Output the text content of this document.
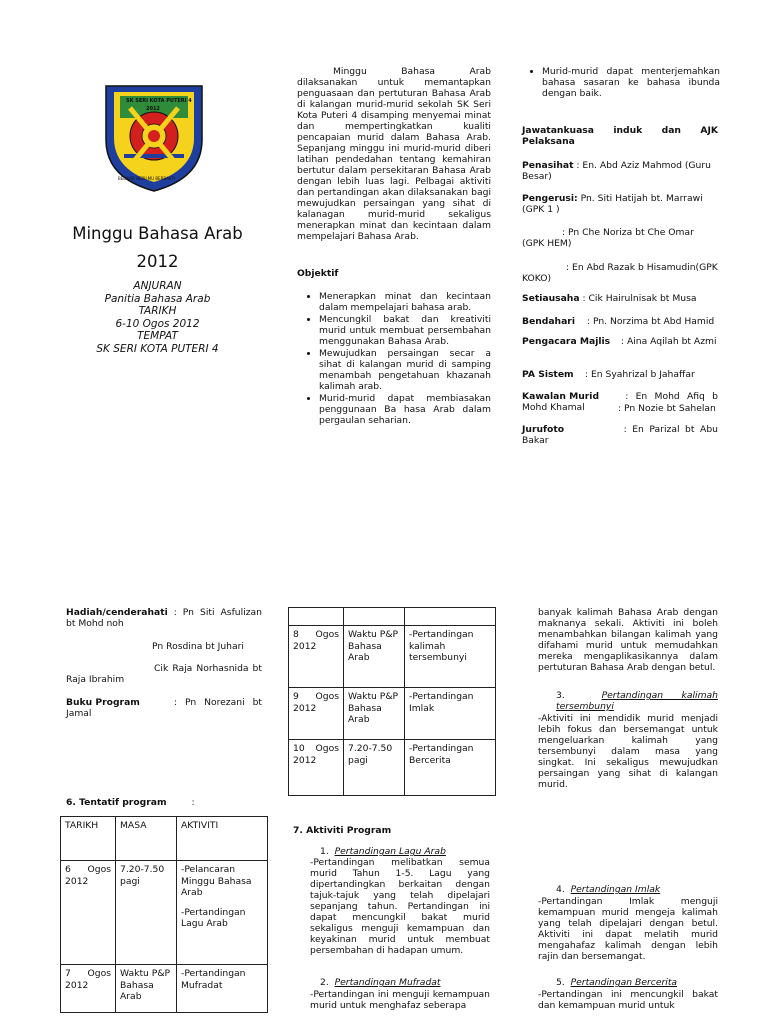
SK SERI KOTA PUTERI 4
2012
BELAJAR BERILMU BERBAKTI
Minggu Bahasa Arab
2012
ANJURAN
Panitia Bahasa Arab
TARIKH
6-10 Ogos 2012
TEMPAT
SK SERI KOTA PUTERI 4
Minggu Bahasa Arab dilaksanakan untuk memantapkan penguasaan dan pertuturan Bahasa Arab di kalangan murid-murid sekolah SK Seri Kota Puteri 4 disamping menyemai minat dan mempertingkatkan kualiti pencapaian murid dalam Bahasa Arab. Sepanjang minggu ini murid-murid diberi latihan pendedahan tentang kemahiran bertutur dalam persekitaran Bahasa Arab dengan lebih luas lagi. Pelbagai aktiviti dan pertandingan akan dilaksanakan bagi mewujudkan persaingan yang sihat di kalanagan murid-murid sekaligus menerapkan minat dan kecintaan dalam mempelajari Bahasa Arab.
Objektif
• Menerapkan minat dan kecintaan dalam mempelajari bahasa arab.
• Mencungkil bakat dan kreativiti murid untuk membuat persembahan menggunakan Bahasa Arab.
• Mewujudkan persaingan secar a sihat di kalangan murid di samping menambah pengetahuan khazanah kalimah arab.
• Murid-murid dapat membiasakan penggunaan Ba hasa Arab dalam pergaulan seharian.
• Murid-murid dapat menterjemahkan bahasa sasaran ke bahasa ibunda dengan baik.
Jawatankuasa induk dan AJK Pelaksana
Penasihat : En. Abd Aziz Mahmod (Guru Besar)
Pengerusi: Pn. Siti Hatijah bt. Marrawi (GPK 1 )
: Pn Che Noriza bt Che Omar (GPK HEM)
: En Abd Razak b Hisamudin(GPK KOKO)
Setiausaha : Cik Hairulnisak bt Musa
Bendahari : Pn. Norzima bt Abd Hamid
Pengacara Majlis : Aina Aqilah bt Azmi
PA Sistem : En Syahrizal b Jahaffar
Kawalan Murid	: En Mohd Afiq b Mohd Khamal	: Pn Nozie bt Sahelan
Jurufoto	: En Parizal bt Abu Bakar
Hadiah/cenderahati : Pn Siti Asfulizan bt Mohd noh
Pn Rosdina bt Juhari
Cik Raja Norhasnida bt Raja Ibrahim
Buku Program	: Pn Norezani bt Jamal
6. Tentatif program	:
TARIKH	MASA	AKTIVITI
6 Ogos 2012	7.20-7.50 pagi	-Pelancaran Minggu Bahasa Arab
-Pertandingan Lagu Arab

7 Ogos 2012	Waktu P&P Bahasa Arab	-Pertandingan Mufradat

8 Ogos 2012	Waktu P&P Bahasa Arab	-Pertandingan kalimah tersembunyi
9 Ogos 2012	Waktu P&P Bahasa Arab	-Pertandingan Imlak
10 Ogos 2012	7.20-7.50 pagi	-Pertandingan Bercerita
7. Aktiviti Program
1.  Pertandingan Lagu Arab
-Pertandingan melibatkan semua murid Tahun 1-5. Lagu yang dipertandingkan berkaitan dengan tajuk-tajuk yang telah dipelajari sepanjang tahun. Pertandingan ini dapat mencungkil bakat murid sekaligus menguji kemampuan dan keyakinan murid untuk membuat persembahan di hadapan umum.
2.  Pertandingan Mufradat
-Pertandingan ini menguji kemampuan murid untuk menghafaz seberapa
banyak kalimah Bahasa Arab dengan maknanya sekali. Aktiviti ini boleh menambahkan bilangan kalimah yang difahami murid untuk memudahkan mereka mengaplikasikannya dalam pertuturan Bahasa Arab dengan betul.
3.  Pertandingan kalimah tersembunyi
-Aktiviti ini mendidik murid menjadi lebih fokus dan bersemangat untuk mengeluarkan kalimah yang tersembunyi dalam masa yang singkat. Ini sekaligus mewujudkan persaingan yang sihat di kalangan murid.
4.  Pertandingan Imlak
-Pertandingan Imlak menguji kemampuan murid mengeja kalimah yang telah dipelajari dengan betul. Aktiviti ini dapat melatih murid mengahafaz kalimah dengan lebih rajin dan bersemangat.
5.  Pertandingan Bercerita
-Pertandingan ini mencungkil bakat dan kemampuan murid untuk
